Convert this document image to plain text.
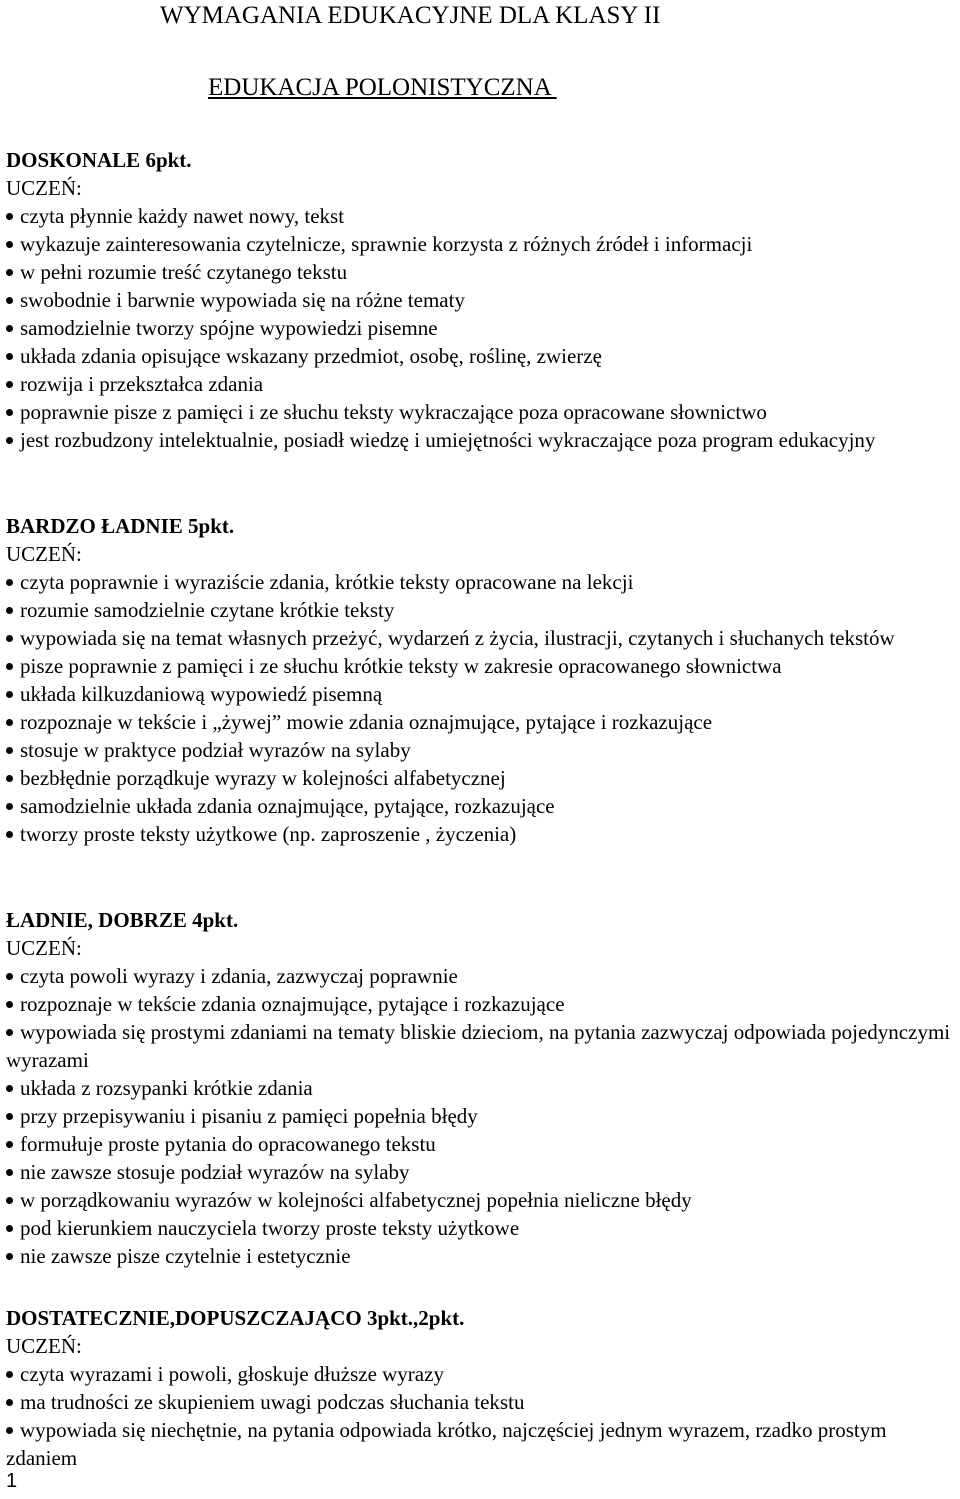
WYMAGANIA EDUKACYJNE DLA KLASY II
EDUKACJA POLONISTYCZNA
DOSKONALE 6pkt.
UCZEŃ:
czyta płynnie każdy nawet nowy, tekst
wykazuje zainteresowania czytelnicze, sprawnie korzysta z różnych źródeł i informacji
w pełni rozumie treść czytanego tekstu
swobodnie i barwnie wypowiada się na różne tematy
samodzielnie tworzy spójne wypowiedzi pisemne
układa zdania opisujące wskazany przedmiot, osobę, roślinę, zwierzę
rozwija i przekształca zdania
poprawnie pisze z pamięci i ze słuchu teksty wykraczające poza opracowane słownictwo
jest rozbudzony intelektualnie, posiadł wiedzę i umiejętności wykraczające poza program edukacyjny
BARDZO ŁADNIE 5pkt.
UCZEŃ:
czyta poprawnie i wyraziście zdania, krótkie teksty opracowane na lekcji
rozumie samodzielnie czytane krótkie teksty
wypowiada się na temat własnych przeżyć, wydarzeń z życia, ilustracji, czytanych i słuchanych tekstów
pisze poprawnie z pamięci i ze słuchu krótkie teksty w zakresie opracowanego słownictwa
układa kilkuzdaniową wypowiedź pisemną
rozpoznaje w tekście i „żywej” mowie zdania oznajmujące, pytające i rozkazujące
stosuje w praktyce podział wyrazów na sylaby
bezbłędnie porządkuje wyrazy w kolejności alfabetycznej
samodzielnie układa zdania oznajmujące, pytające, rozkazujące
tworzy proste teksty użytkowe (np. zaproszenie , życzenia)
ŁADNIE, DOBRZE 4pkt.
UCZEŃ:
czyta powoli wyrazy i zdania, zazwyczaj poprawnie
rozpoznaje w tekście zdania oznajmujące, pytające i rozkazujące
wypowiada się prostymi zdaniami na tematy bliskie dzieciom, na pytania zazwyczaj odpowiada pojedynczymi wyrazami
układa z rozsypanki krótkie zdania
przy przepisywaniu i pisaniu z pamięci popełnia błędy
formułuje proste pytania do opracowanego tekstu
nie zawsze stosuje podział wyrazów na sylaby
w porządkowaniu wyrazów w kolejności alfabetycznej popełnia nieliczne błędy
pod kierunkiem nauczyciela tworzy proste teksty użytkowe
nie zawsze pisze czytelnie i estetycznie
DOSTATECZNIE,DOPUSZCZAJĄCO 3pkt.,2pkt.
UCZEŃ:
czyta wyrazami i powoli, głoskuje dłuższe wyrazy
ma trudności ze skupieniem uwagi podczas słuchania tekstu
wypowiada się niechętnie, na pytania odpowiada krótko, najczęściej jednym wyrazem, rzadko prostym zdaniem
1
